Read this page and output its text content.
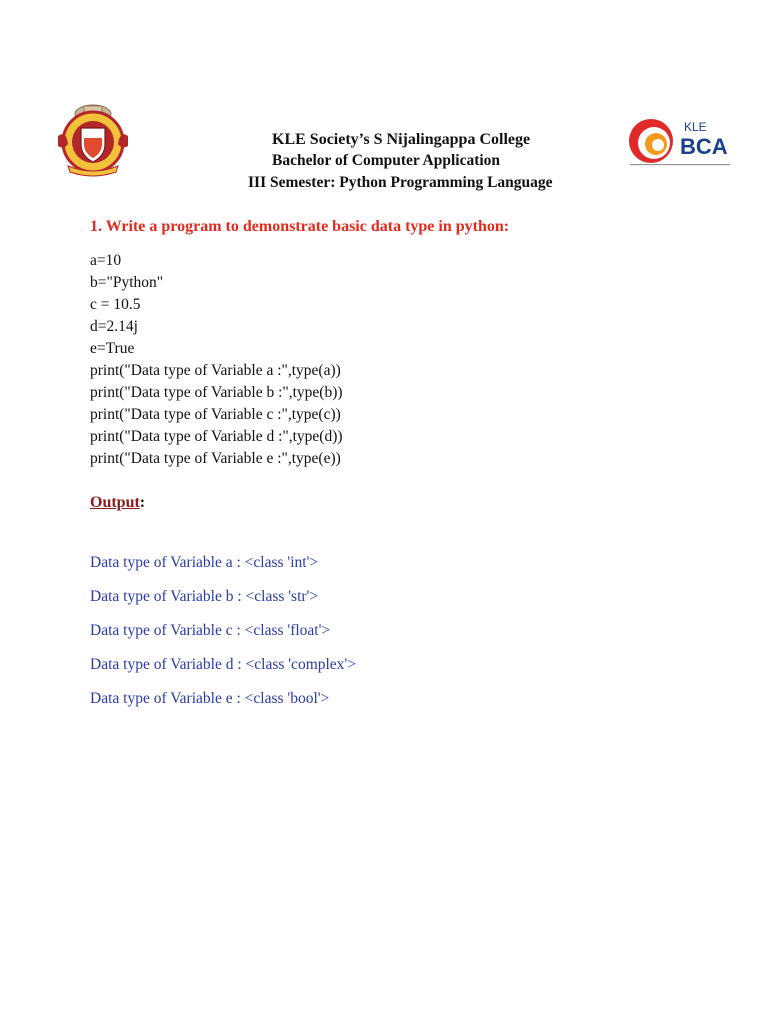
KLE
BCA
KLE Society’s S Nijalingappa College
Bachelor of Computer Application
III Semester: Python Programming Language
1. Write a program to demonstrate basic data type in python:
a=10
b="Python"
c = 10.5
d=2.14j
e=True
print("Data type of Variable a :",type(a))
print("Data type of Variable b :",type(b))
print("Data type of Variable c :",type(c))
print("Data type of Variable d :",type(d))
print("Data type of Variable e :",type(e))
Output:
Data type of Variable a : <class 'int'>
Data type of Variable b : <class 'str'>
Data type of Variable c : <class 'float'>
Data type of Variable d : <class 'complex'>
Data type of Variable e : <class 'bool'>
